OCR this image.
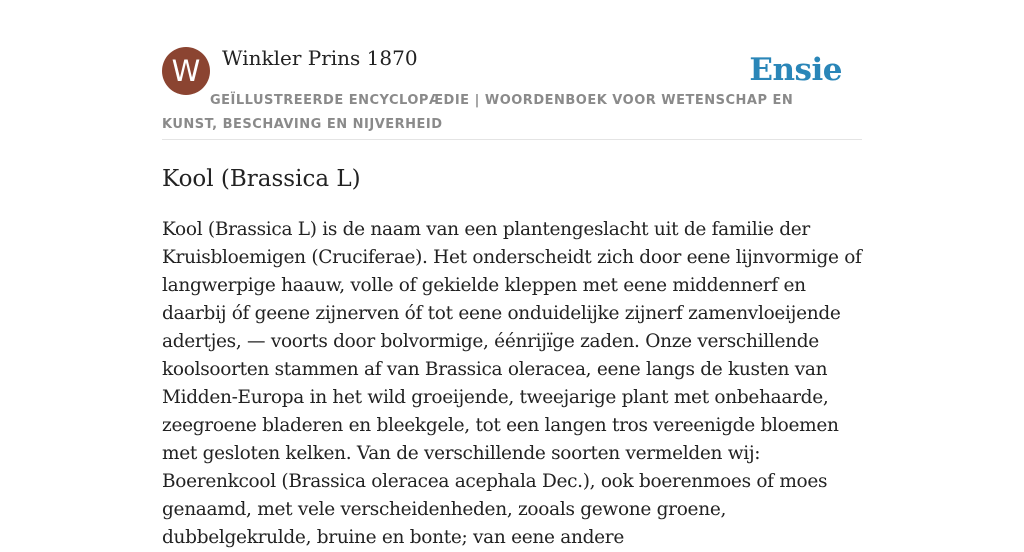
W	Winkler Prins 1870	Ensie
GEÏLLUSTREERDE ENCYCLOPÆDIE | WOORDENBOEK VOOR WETENSCHAP EN KUNST, BESCHAVING EN NIJVERHEID
Kool (Brassica L)

Kool (Brassica L) is de naam van een plantengeslacht uit de familie der Kruisbloemigen (Cruciferae). Het onderscheidt zich door eene lijnvormige of langwerpige haauw, volle of gekielde kleppen met eene middennerf en daarbij óf geene zijnerven óf tot eene onduidelijke zijnerf zamenvloeijende adertjes, — voorts door bolvormige, éénrijïge zaden. Onze verschillende koolsoorten stammen af van Brassica oleracea, eene langs de kusten van Midden-Europa in het wild groeijende, tweejarige plant met onbehaarde, zeegroene bladeren en bleekgele, tot een langen tros vereenigde bloemen met gesloten kelken. Van de verschillende soorten vermelden wij: Boerenkcool (Brassica oleracea acephala Dec.), ook boerenmoes of moes genaamd, met vele verscheidenheden, zooals gewone groene, dubbelgekrulde, bruine en bonte; van eene andere
